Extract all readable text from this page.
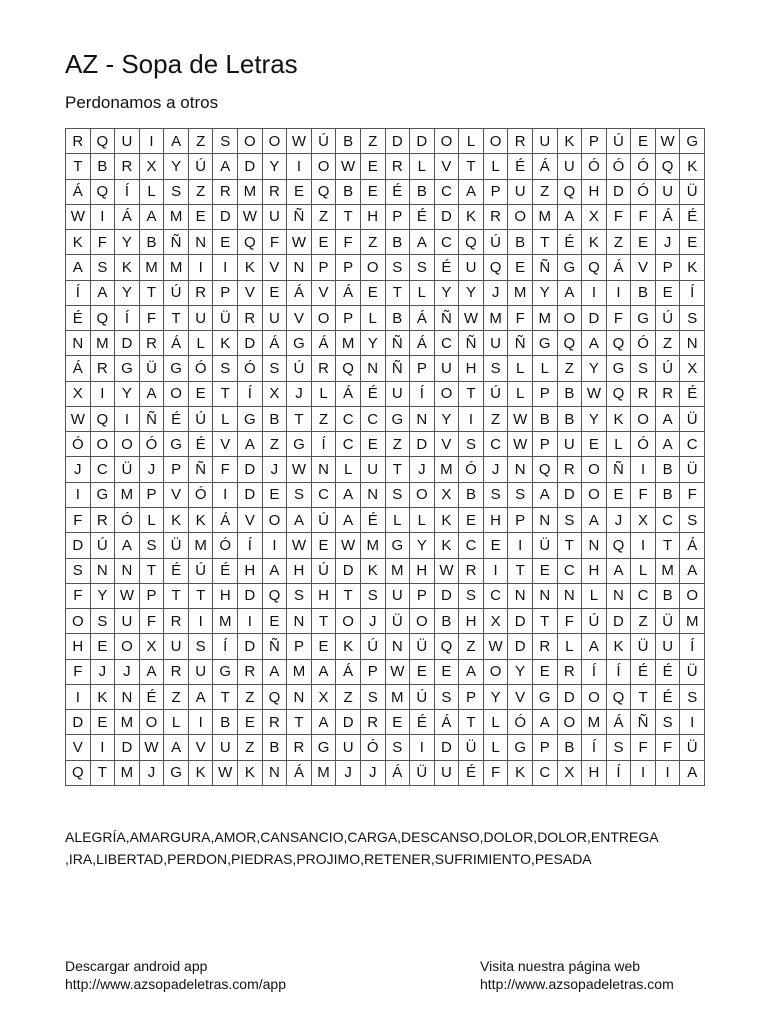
AZ - Sopa de Letras
Perdonamos a otros
R Q U	I	A Z S O O W Ú B Z D D O L O R U K P Ú E W G
T B R X Y Ú A D Y	I	O W E R L	V T	L	É Á U Ó Ó Ó Q K
Á Q	Í	L	S Z R M R E Q B E É B C A P U Z Q H D Ó U Ü
W	I	Á A M E D W U Ñ Z	T H P É D K R O M A X F	F Á É
K F Y B Ñ N E Q F W E F	Z B A C Q Ú B T É K Z E	J	E
A S K M M	I	I	K V N P P O S S É U Q E Ñ G Q Á V P K
Í	A Y T Ú R P V E Á V Á E T	L	Y Y	J M Y A	I	I	B E	Í
É Q	Í	F	T U Ü R U V O P	L	B Á Ñ W M F M O D F G Ú S
N M D R Á	L	K D Á G Á M Y Ñ Á C Ñ U Ñ G Q A Q Ó Z N
Á R G Ü G Ó S Ó S Ú R Q N Ñ P U H S	L	L	Z Y G S Ú X
X	I	Y A O E T	Í	X	J	L	Á É U	Í	O T Ú L	P B W Q R R É
W Q	I	Ñ É Ú L G B T	Z C C G N Y	I	Z W B B Y K O A Ü
Ó O O Ó G É V A Z G	Í	C E Z D V S C W P U E	L Ó A C
J	C Ü	J	P Ñ F D	J W N L U T	J M Ó J	N Q R O Ñ	I	B Ü
I	G M P V Ó	I	D E S C A N S O X B S S A D O E F B F
F R Ó L	K K Á V O A Ú A É	L	L	K E H P N S A	J	X C S
D Ú A S Ü M Ó	Í	I	W E W M G Y K C E	I	Ü T N Q	I	T Á
S N N T É Ú É H A H Ú D K M H W R	I	T E C H A	L M A
F Y W P T	T H D Q S H T S U P D S C N N N L N C B O
O S U F R	I	M	I	E N T O J	Ü O B H X D T	F Ú D Z Ü M
H E O X U S	Í	D Ñ P E K Ú N Ü Q Z W D R L	A K Ü U	Í
F	J	J	A R U G R A M A Á P W E E A O Y E R	Í	Í	É É Ü
I	K N É Z A T	Z Q N X Z S M Ú S P Y V G D O Q T É S
D E M O L	I	B E R T A D R E É Á T	L Ó A O M Á Ñ S	I
V	I	D W A V U Z B R G U Ó S	I	D Ü L G P B	Í	S F	F Ü
Q T M J	G K W K N Á M J	J	Á Ü U É F K C X H	Í	I	I	A
ALEGRÍA,AMARGURA,AMOR,CANSANCIO,CARGA,DESCANSO,DOLOR,DOLOR,ENTREGA
,IRA,LIBERTAD,PERDON,PIEDRAS,PROJIMO,RETENER,SUFRIMIENTO,PESADA
Descargar android app
http://www.azsopadeletras.com/app
Visita nuestra página web
http://www.azsopadeletras.com
